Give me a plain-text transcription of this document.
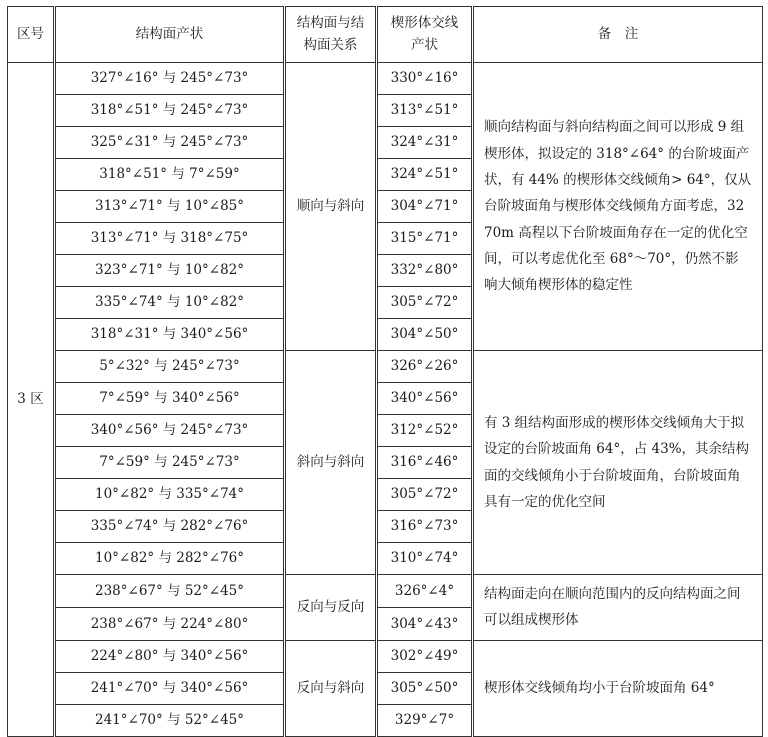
区号	结构面产状	结构面与结构面关系	楔形体交线产状	备　注
3 区	327°∠16° 与 245°∠73°	顺向与斜向	330°∠16°	顺向结构面与斜向结构面之间可以形成 9 组楔形体，拟设定的 318°∠64° 的台阶坡面产状，有 44% 的楔形体交线倾角> 64°，仅从台阶坡面角与楔形体交线倾角方面考虑，3270m 高程以下台阶坡面角存在一定的优化空间，可以考虑优化至 68°～70°，仍然不影响大倾角楔形体的稳定性
	318°∠51° 与 245°∠73°		313°∠51°	
	325°∠31° 与 245°∠73°		324°∠31°	
	318°∠51° 与 7°∠59°		324°∠51°	
	313°∠71° 与 10°∠85°		304°∠71°	
	313°∠71° 与 318°∠75°		315°∠71°	
	323°∠71° 与 10°∠82°		332°∠80°	
	335°∠74° 与 10°∠82°		305°∠72°	
	318°∠31° 与 340°∠56°		304°∠50°	
	5°∠32° 与 245°∠73°	斜向与斜向	326°∠26°	有 3 组结构面形成的楔形体交线倾角大于拟设定的台阶坡面角 64°，占 43%，其余结构面的交线倾角小于台阶坡面角，台阶坡面角具有一定的优化空间
	7°∠59° 与 340°∠56°		340°∠56°	
	340°∠56° 与 245°∠73°		312°∠52°	
	7°∠59° 与 245°∠73°		316°∠46°	
	10°∠82° 与 335°∠74°		305°∠72°	
	335°∠74° 与 282°∠76°		316°∠73°	
	10°∠82° 与 282°∠76°		310°∠74°	
	238°∠67° 与 52°∠45°	反向与反向	326°∠4°	结构面走向在顺向范围内的反向结构面之间可以组成楔形体
	238°∠67° 与 224°∠80°		304°∠43°	
	224°∠80° 与 340°∠56°	反向与斜向	302°∠49°	楔形体交线倾角均小于台阶坡面角 64°
	241°∠70° 与 340°∠56°		305°∠50°	
	241°∠70° 与 52°∠45°		329°∠7°	
